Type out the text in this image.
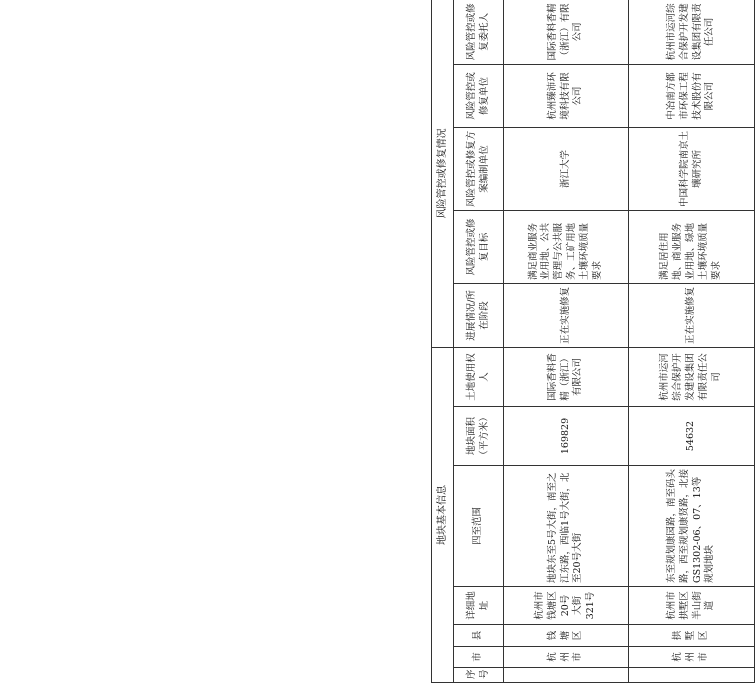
地块基本信息							风险管控或修复情况				
序号	市	县	详细地址	四至范围	地块面积（平方米）	土地使用权人	进展情况/所在阶段	风险管控或修复目标	风险管控或修复方案编制单位	风险管控或修复单位	风险管控或修复委托人
	杭州市	钱塘区	杭州市钱塘区20号大街321号	地块东至5号大街，南至之江东路，西临1号大街，北至20号大街	169829	国际香料香精（浙江）有限公司	正在实施修复	满足商业服务业用地、公共管理与公共服务、工矿用地土壤环境质量要求	浙江大学	杭州臻沛环境科技有限公司	国际香料香精（浙江）有限公司
	杭州市	拱墅区	杭州市拱墅区半山街道	东至规划康园路，南至码头路，西至规划康贤路，北接GS1302-06、07、13等规划地块	54632	杭州市运河综合保护开发建设集团有限责任公司	正在实施修复	满足居住用地、商业服务业用地、绿地土壤环境质量要求	中国科学院南京土壤研究所	中冶南方都市环保工程技术股份有限公司	杭州市运河综合保护开发建设集团有限责任公司
